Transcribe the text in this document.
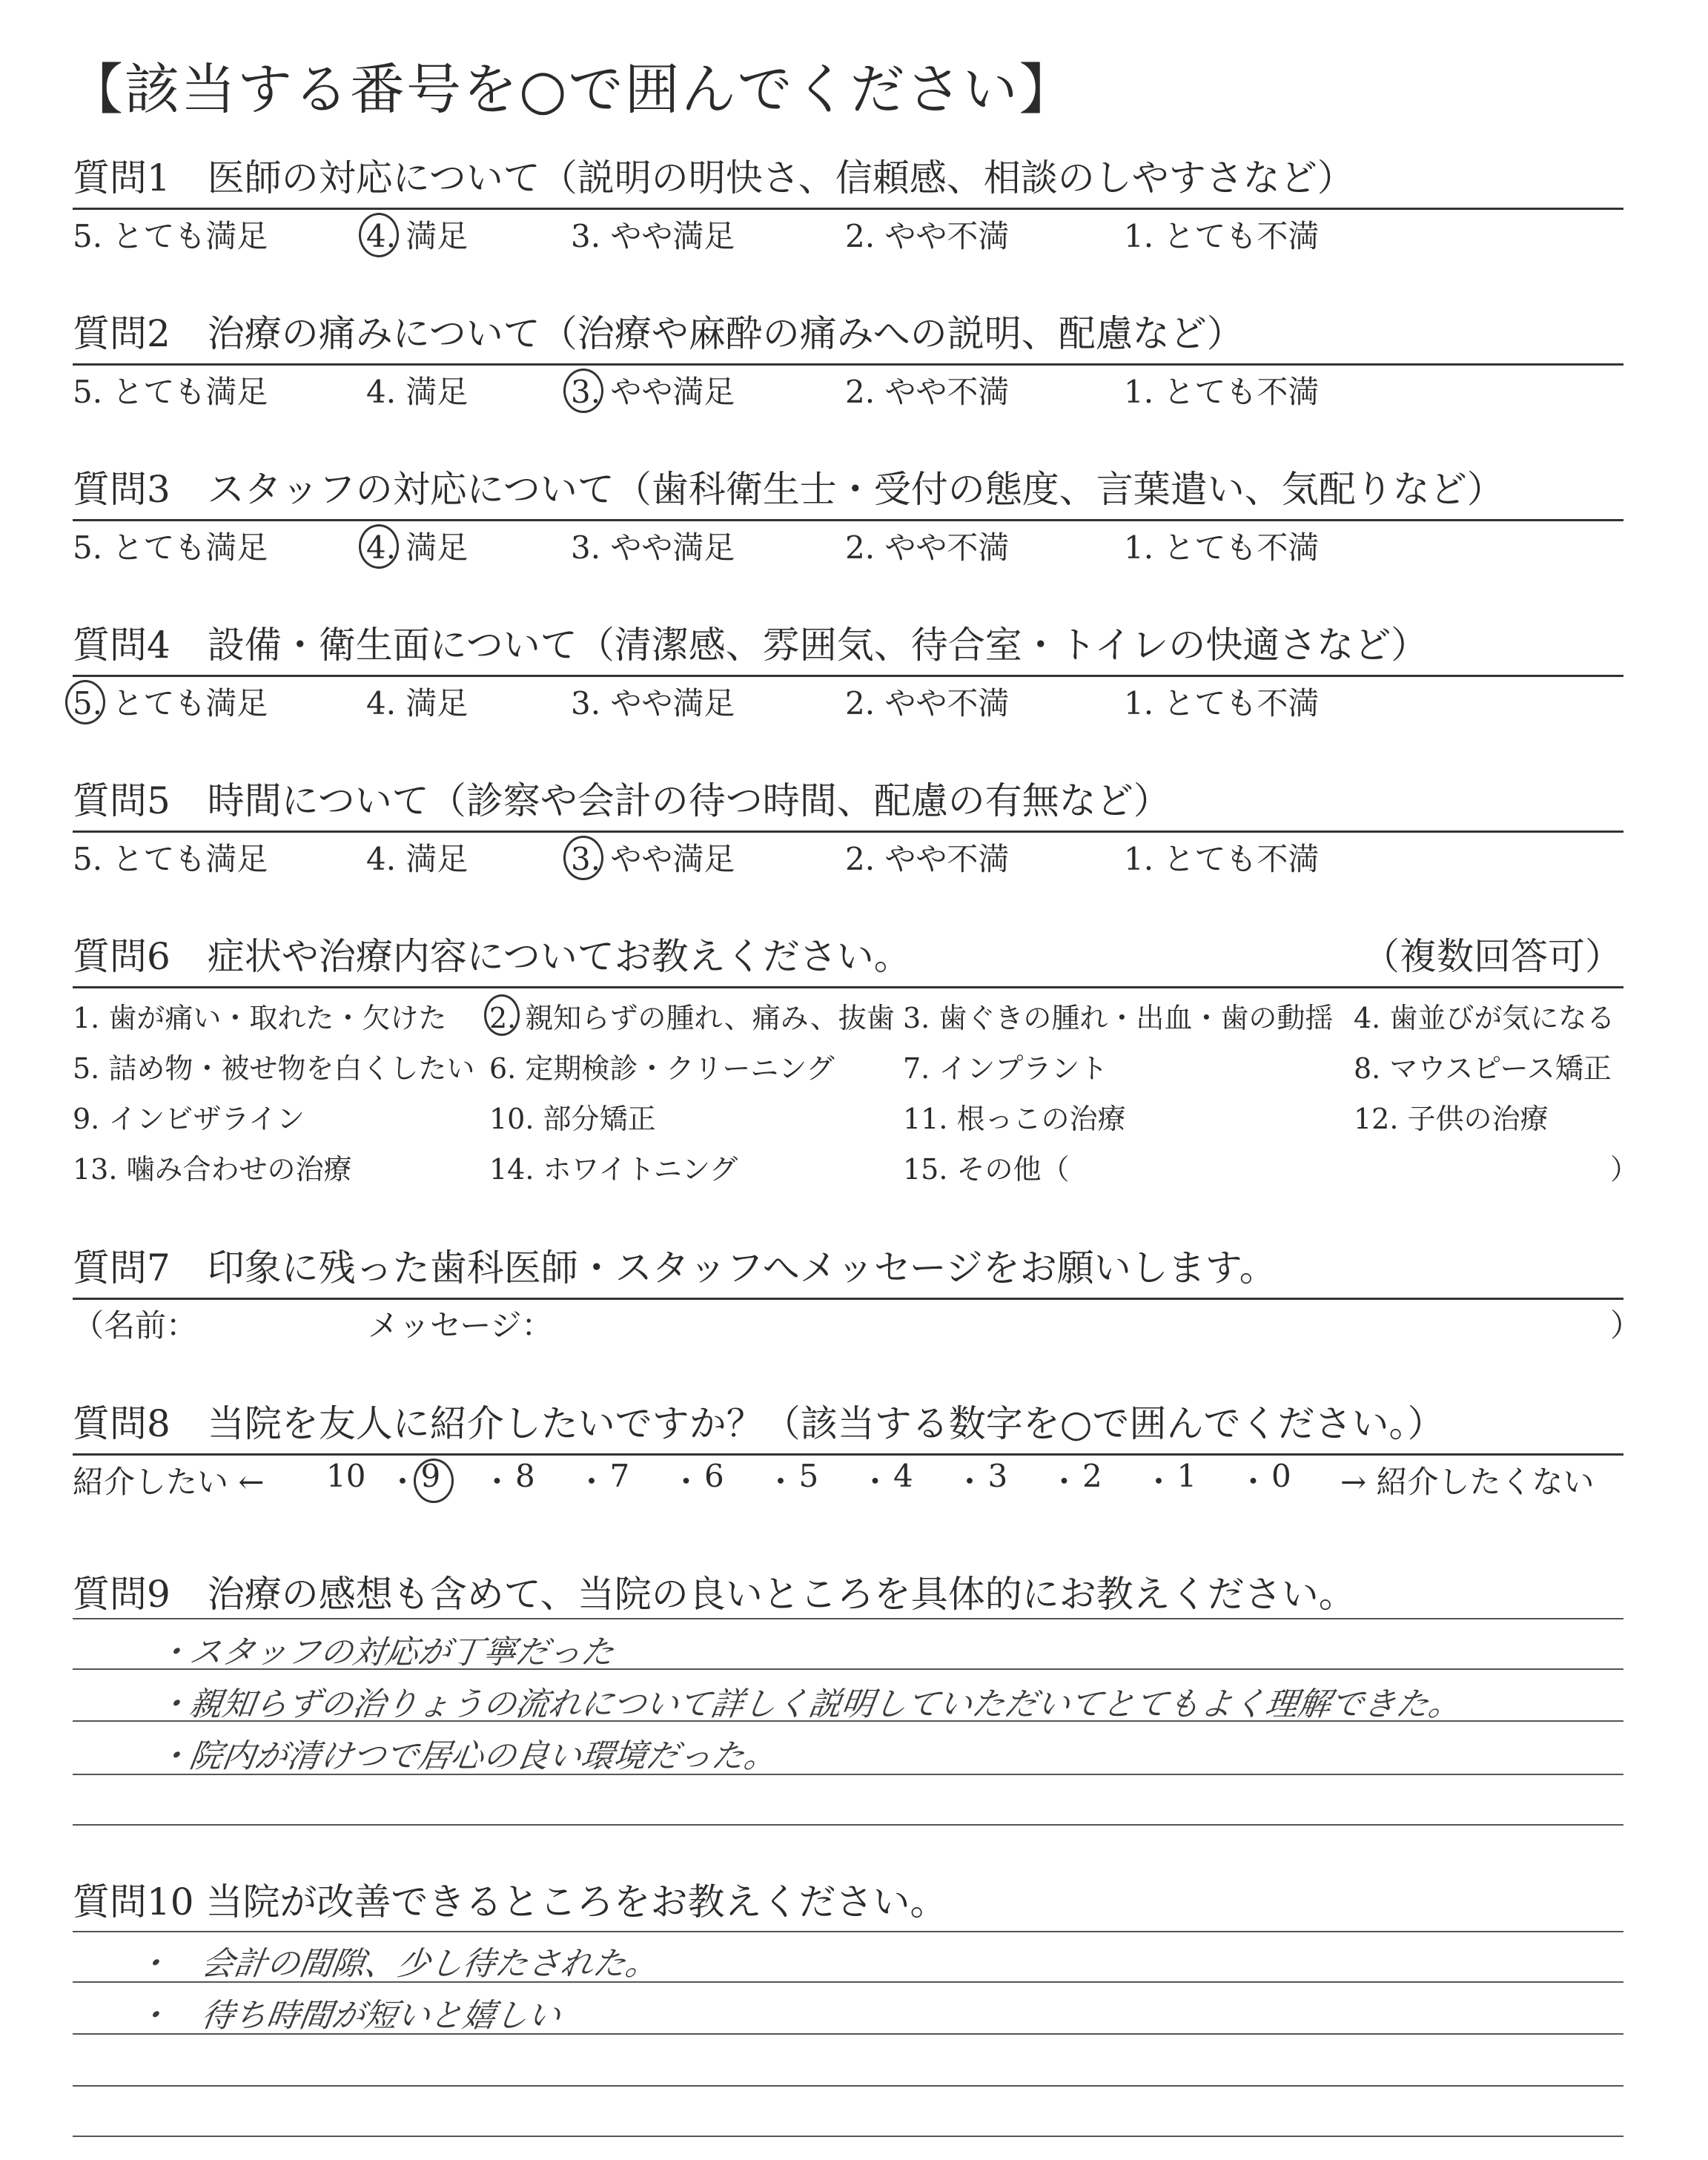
【該当する番号を○で囲んでください】
質問6　症状や治療内容についてお教えください。	（複数回答可）
質問7　印象に残った歯科医師・スタッフへメッセージをお願いします。
（名前：	メッセージ：	）
質問8　当院を友人に紹介したいですか？（該当する数字を○で囲んでください。）
紹介したい ←	→ 紹介したくない
質問9　治療の感想も含めて、当院の良いところを具体的にお教えください。
・スタッフの対応が丁寧だった
・親知らずの治りょうの流れについて詳しく説明していただいてとてもよく理解できた。
・院内が清けつで居心の良い環境だった。
質問10 当院が改善できるところをお教えください。
・　会計の間隙、少し待たされた。
・　待ち時間が短いと嬉しい
質問1　医師の対応について（説明の明快さ、信頼感、相談のしやすさなど）
5. とても満足	4. 満足	3. やや満足	2. やや不満	1. とても不満
質問2　治療の痛みについて（治療や麻酔の痛みへの説明、配慮など）
5. とても満足	4. 満足	3. やや満足	2. やや不満	1. とても不満
質問3　スタッフの対応について（歯科衛生士・受付の態度、言葉遣い、気配りなど）
5. とても満足	4. 満足	3. やや満足	2. やや不満	1. とても不満
質問4　設備・衛生面について（清潔感、雰囲気、待合室・トイレの快適さなど）
5. とても満足	4. 満足	3. やや満足	2. やや不満	1. とても不満
質問5　時間について（診察や会計の待つ時間、配慮の有無など）
5. とても満足	4. 満足	3. やや満足	2. やや不満	1. とても不満
1. 歯が痛い・取れた・欠けた 2. 親知らずの腫れ、痛み、抜歯 3. 歯ぐきの腫れ・出血・歯の動揺 4. 歯並びが気になる
5. 詰め物・被せ物を白くしたい 6. 定期検診・クリーニング 7. インプラント	8. マウスピース矯正
9. インビザライン	10. 部分矯正	11. 根っこの治療	12. 子供の治療
13. 噛み合わせの治療	14. ホワイトニング	15. その他（	）
10 ・ 9 ・ 8 ・ 7 ・ 6 ・ 5 ・ 4 ・ 3 ・ 2 ・ 1 ・ 0
